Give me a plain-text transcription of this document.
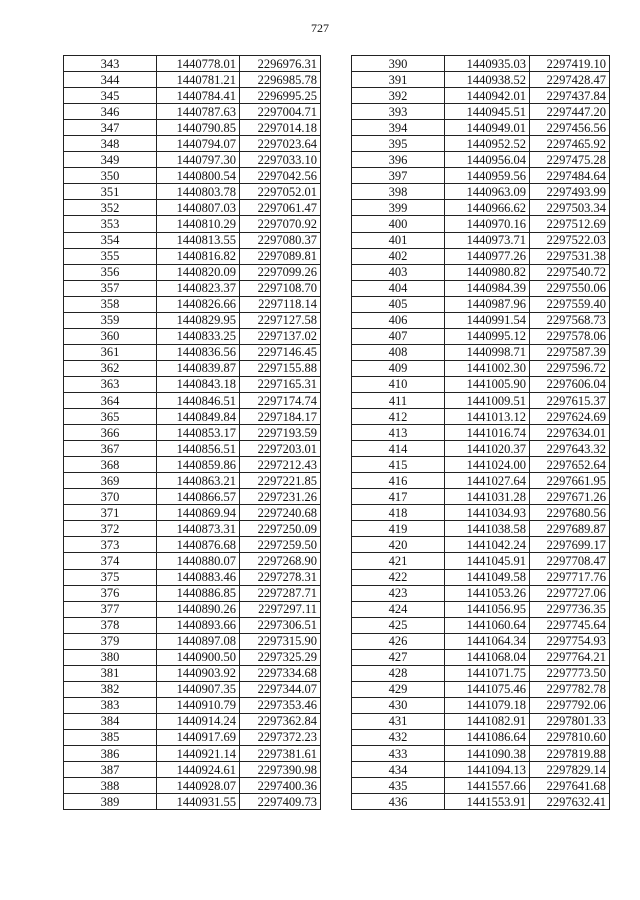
727
343	1440778.01	2296976.31
344	1440781.21	2296985.78
345	1440784.41	2296995.25
346	1440787.63	2297004.71
347	1440790.85	2297014.18
348	1440794.07	2297023.64
349	1440797.30	2297033.10
350	1440800.54	2297042.56
351	1440803.78	2297052.01
352	1440807.03	2297061.47
353	1440810.29	2297070.92
354	1440813.55	2297080.37
355	1440816.82	2297089.81
356	1440820.09	2297099.26
357	1440823.37	2297108.70
358	1440826.66	2297118.14
359	1440829.95	2297127.58
360	1440833.25	2297137.02
361	1440836.56	2297146.45
362	1440839.87	2297155.88
363	1440843.18	2297165.31
364	1440846.51	2297174.74
365	1440849.84	2297184.17
366	1440853.17	2297193.59
367	1440856.51	2297203.01
368	1440859.86	2297212.43
369	1440863.21	2297221.85
370	1440866.57	2297231.26
371	1440869.94	2297240.68
372	1440873.31	2297250.09
373	1440876.68	2297259.50
374	1440880.07	2297268.90
375	1440883.46	2297278.31
376	1440886.85	2297287.71
377	1440890.26	2297297.11
378	1440893.66	2297306.51
379	1440897.08	2297315.90
380	1440900.50	2297325.29
381	1440903.92	2297334.68
382	1440907.35	2297344.07
383	1440910.79	2297353.46
384	1440914.24	2297362.84
385	1440917.69	2297372.23
386	1440921.14	2297381.61
387	1440924.61	2297390.98
388	1440928.07	2297400.36
389	1440931.55	2297409.73
390	1440935.03	2297419.10
391	1440938.52	2297428.47
392	1440942.01	2297437.84
393	1440945.51	2297447.20
394	1440949.01	2297456.56
395	1440952.52	2297465.92
396	1440956.04	2297475.28
397	1440959.56	2297484.64
398	1440963.09	2297493.99
399	1440966.62	2297503.34
400	1440970.16	2297512.69
401	1440973.71	2297522.03
402	1440977.26	2297531.38
403	1440980.82	2297540.72
404	1440984.39	2297550.06
405	1440987.96	2297559.40
406	1440991.54	2297568.73
407	1440995.12	2297578.06
408	1440998.71	2297587.39
409	1441002.30	2297596.72
410	1441005.90	2297606.04
411	1441009.51	2297615.37
412	1441013.12	2297624.69
413	1441016.74	2297634.01
414	1441020.37	2297643.32
415	1441024.00	2297652.64
416	1441027.64	2297661.95
417	1441031.28	2297671.26
418	1441034.93	2297680.56
419	1441038.58	2297689.87
420	1441042.24	2297699.17
421	1441045.91	2297708.47
422	1441049.58	2297717.76
423	1441053.26	2297727.06
424	1441056.95	2297736.35
425	1441060.64	2297745.64
426	1441064.34	2297754.93
427	1441068.04	2297764.21
428	1441071.75	2297773.50
429	1441075.46	2297782.78
430	1441079.18	2297792.06
431	1441082.91	2297801.33
432	1441086.64	2297810.60
433	1441090.38	2297819.88
434	1441094.13	2297829.14
435	1441557.66	2297641.68
436	1441553.91	2297632.41
